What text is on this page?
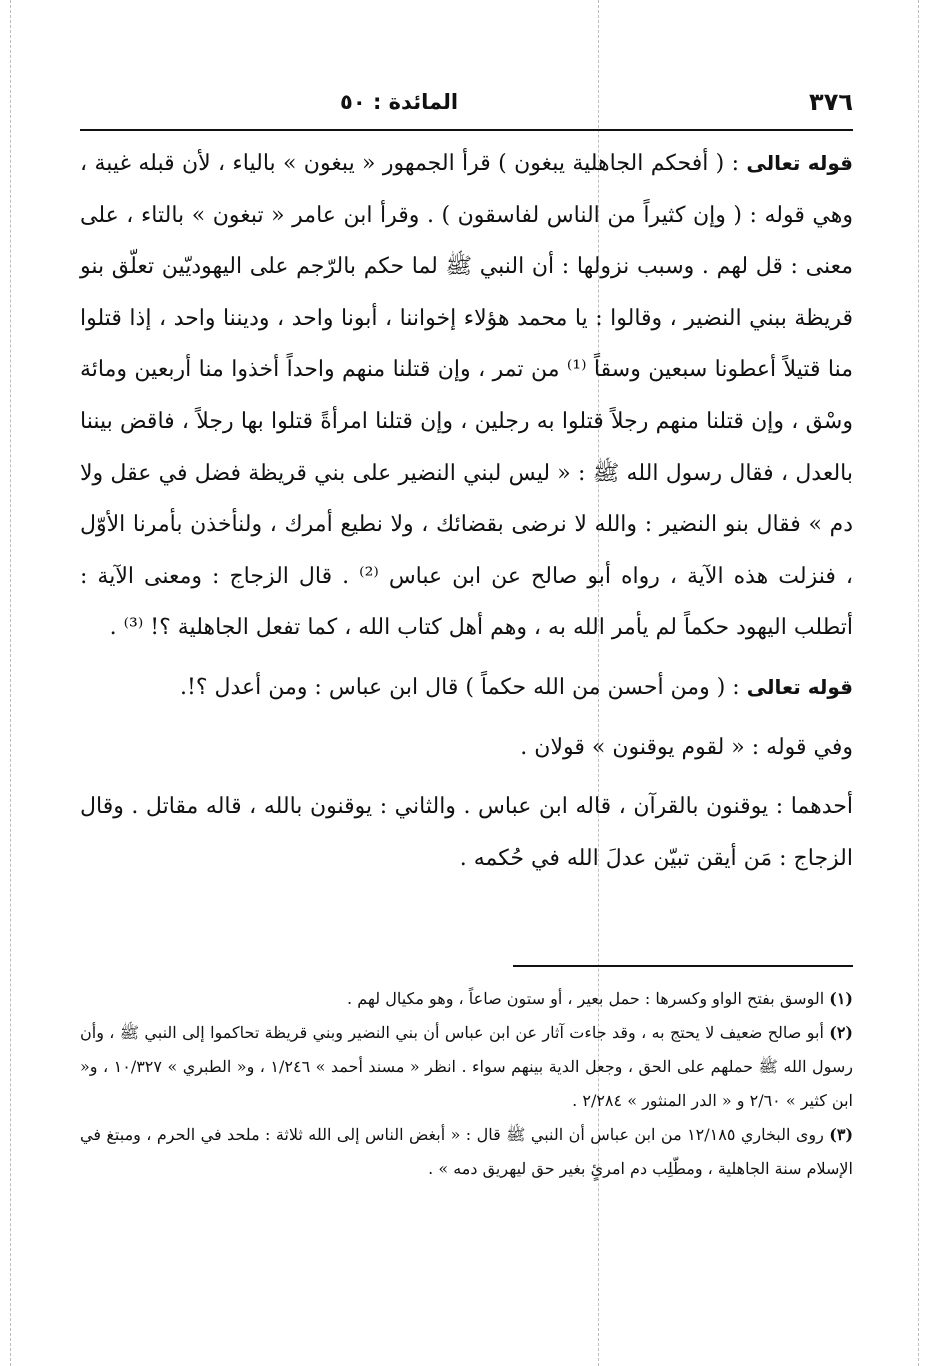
٣٧٦
المائدة : ٥٠

قوله تعالى : ( أفحكم الجاهلية يبغون ) قرأ الجمهور « يبغون » بالياء ، لأن قبله غيبة ، وهي قوله : ( وإن كثيراً من الناس لفاسقون ) . وقرأ ابن عامر « تبغون » بالتاء ، على معنى : قل لهم . وسبب نزولها : أن النبي ﷺ لما حكم بالرّجم على اليهوديّين تعلّق بنو قريظة ببني النضير ، وقالوا : يا محمد هؤلاء إخواننا ، أبونا واحد ، وديننا واحد ، إذا قتلوا منا قتيلاً أعطونا سبعين وسقاً ⁽¹⁾ من تمر ، وإن قتلنا منهم واحداً أخذوا منا أربعين ومائة وسْق ، وإن قتلنا منهم رجلاً قتلوا به رجلين ، وإن قتلنا امرأةً قتلوا بها رجلاً ، فاقض بيننا بالعدل ، فقال رسول الله ﷺ : « ليس لبني النضير على بني قريظة فضل في عقل ولا دم » فقال بنو النضير : والله لا نرضى بقضائك ، ولا نطيع أمرك ، ولنأخذن بأمرنا الأوّل ، فنزلت هذه الآية ، رواه أبو صالح عن ابن عباس ⁽²⁾ . قال الزجاج : ومعنى الآية : أتطلب اليهود حكماً لم يأمر الله به ، وهم أهل كتاب الله ، كما تفعل الجاهلية ؟! ⁽³⁾ .

قوله تعالى : ( ومن أحسن من الله حكماً ) قال ابن عباس : ومن أعدل ؟!.

وفي قوله : « لقوم يوقنون » قولان .

أحدهما : يوقنون بالقرآن ، قاله ابن عباس . والثاني : يوقنون بالله ، قاله مقاتل . وقال الزجاج : مَن أيقن تبيّن عدلَ الله في حُكمه .

(١) الوسق بفتح الواو وكسرها : حمل بعير ، أو ستون صاعاً ، وهو مكيال لهم .

(٢) أبو صالح ضعيف لا يحتج به ، وقد جاءت آثار عن ابن عباس أن بني النضير وبني قريظة تحاكموا إلى النبي ﷺ ، وأن رسول الله ﷺ حملهم على الحق ، وجعل الدية بينهم سواء . انظر « مسند أحمد » ١/٢٤٦ ، و« الطبري » ١٠/٣٢٧ ، و« ابن كثير » ٢/٦٠ و « الدر المنثور » ٢/٢٨٤ .

(٣) روى البخاري ١٢/١٨٥ من ابن عباس أن النبي ﷺ قال : « أبغض الناس إلى الله ثلاثة : ملحد في الحرم ، ومبتغ في الإسلام سنة الجاهلية ، ومطّلِب دم امرئٍ بغير حق ليهريق دمه » .
